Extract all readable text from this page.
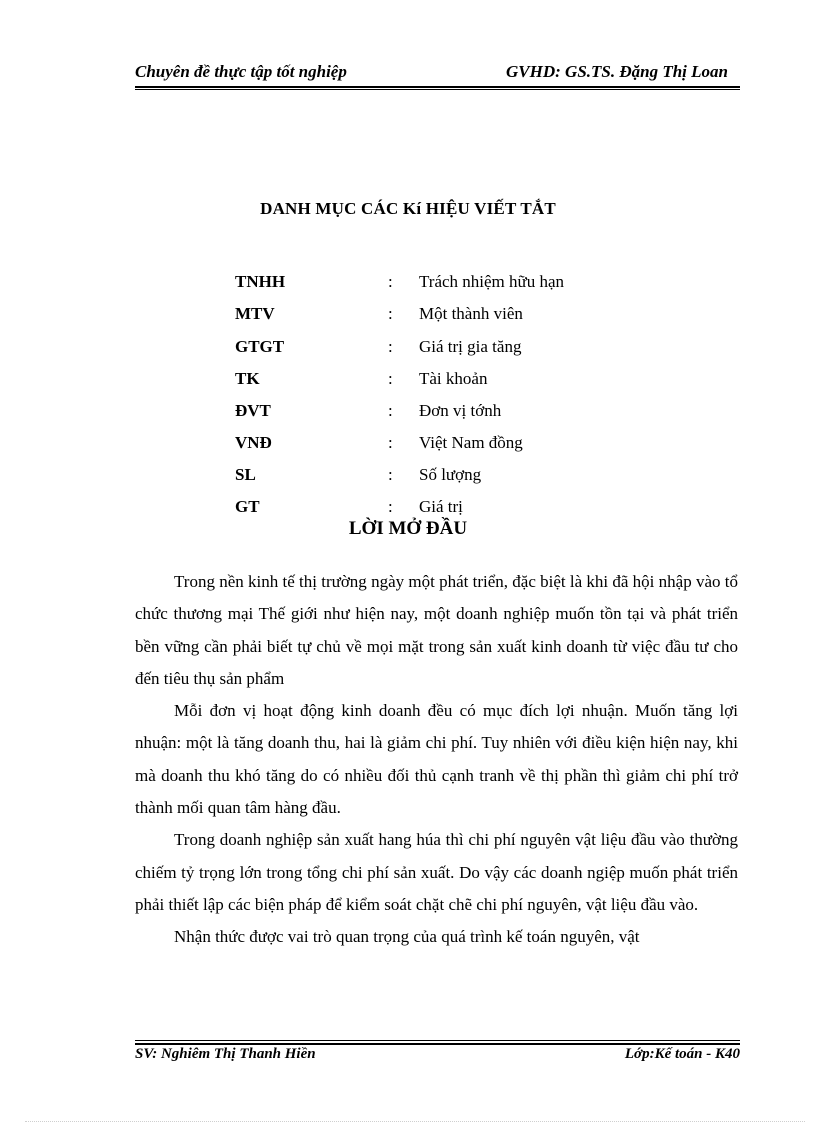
Chuyên đề thực tập tốt nghiệp	GVHD: GS.TS. Đặng Thị Loan
DANH MỤC CÁC Kí HIỆU VIẾT TẮT
TNHH	: Trách nhiệm hữu hạn
MTV	: Một thành viên
GTGT	: Giá trị gia tăng
TK	: Tài khoản
ĐVT	: Đơn vị tớnh
VNĐ	: Việt Nam đồng
SL	: Số lượng
GT	: Giá trị
LỜI MỞ ĐẦU

Trong nền kinh tế thị trường ngày một phát triển, đặc biệt là khi đã hội nhập vào tổ chức thương mại Thế giới như hiện nay, một doanh nghiệp muốn tồn tại và phát triển bền vững cần phải biết tự chủ về mọi mặt trong sản xuất kinh doanh từ việc đầu tư cho đến tiêu thụ sản phẩm

Mỗi đơn vị hoạt động kinh doanh đều có mục đích lợi nhuận. Muốn tăng lợi nhuận: một là tăng doanh thu, hai là giảm chi phí. Tuy nhiên với điều kiện hiện nay, khi mà doanh thu khó tăng do có nhiều đối thủ cạnh tranh về thị phần thì giảm chi phí trở thành mối quan tâm hàng đầu.

Trong doanh nghiệp sản xuất hang húa thì chi phí nguyên vật liệu đầu vào thường chiếm tỷ trọng lớn trong tổng chi phí sản xuất. Do vậy các doanh ngiệp muốn phát triển phải thiết lập các biện pháp để kiểm soát chặt chẽ chi phí nguyên, vật liệu đầu vào.

Nhận thức được vai trò quan trọng của quá trình kế toán nguyên, vật

SV: Nghiêm Thị Thanh Hiền	Lớp:Kế toán - K40
